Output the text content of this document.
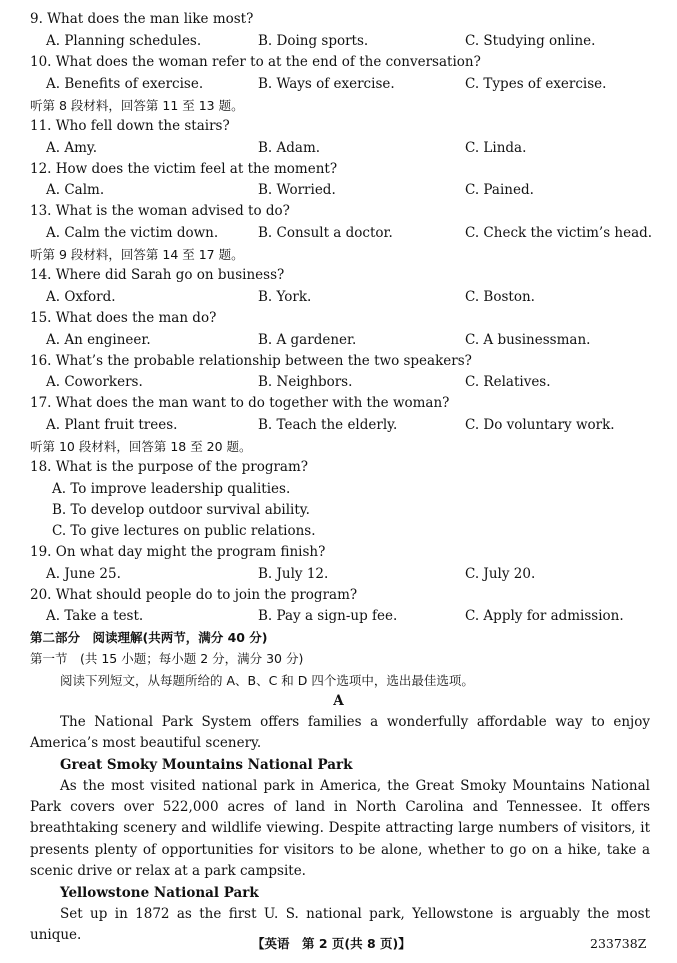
9. What does the man like most?
A. Planning schedules.	B. Doing sports.	C. Studying online.
10. What does the woman refer to at the end of the conversation?
A. Benefits of exercise.	B. Ways of exercise.	C. Types of exercise.
听第 8 段材料，回答第 11 至 13 题。
11. Who fell down the stairs?
A. Amy.	B. Adam.	C. Linda.
12. How does the victim feel at the moment?
A. Calm.	B. Worried.	C. Pained.
13. What is the woman advised to do?
A. Calm the victim down.	B. Consult a doctor.	C. Check the victim’s head.
听第 9 段材料，回答第 14 至 17 题。
14. Where did Sarah go on business?
A. Oxford.	B. York.	C. Boston.
15. What does the man do?
A. An engineer.	B. A gardener.	C. A businessman.
16. What’s the probable relationship between the two speakers?
A. Coworkers.	B. Neighbors.	C. Relatives.
17. What does the man want to do together with the woman?
A. Plant fruit trees.	B. Teach the elderly.	C. Do voluntary work.
听第 10 段材料，回答第 18 至 20 题。
18. What is the purpose of the program?
A. To improve leadership qualities.
B. To develop outdoor survival ability.
C. To give lectures on public relations.
19. On what day might the program finish?
A. June 25.	B. July 12.	C. July 20.
20. What should people do to join the program?
A. Take a test.	B. Pay a sign-up fee.	C. Apply for admission.
第二部分　阅读理解(共两节，满分 40 分)
第一节　(共 15 小题；每小题 2 分，满分 30 分)
阅读下列短文，从每题所给的 A、B、C 和 D 四个选项中，选出最佳选项。
A
The National Park System offers families a wonderfully affordable way to enjoy America’s most beautiful scenery.
Great Smoky Mountains National Park
As the most visited national park in America, the Great Smoky Mountains National Park covers over 522,000 acres of land in North Carolina and Tennessee. It offers breathtaking scenery and wildlife viewing. Despite attracting large numbers of visitors, it presents plenty of opportunities for visitors to be alone, whether to go on a hike, take a scenic drive or relax at a park campsite.
Yellowstone National Park
Set up in 1872 as the first U. S. national park, Yellowstone is arguably the most unique.
【英语　第 2 页(共 8 页)】	233738Z
